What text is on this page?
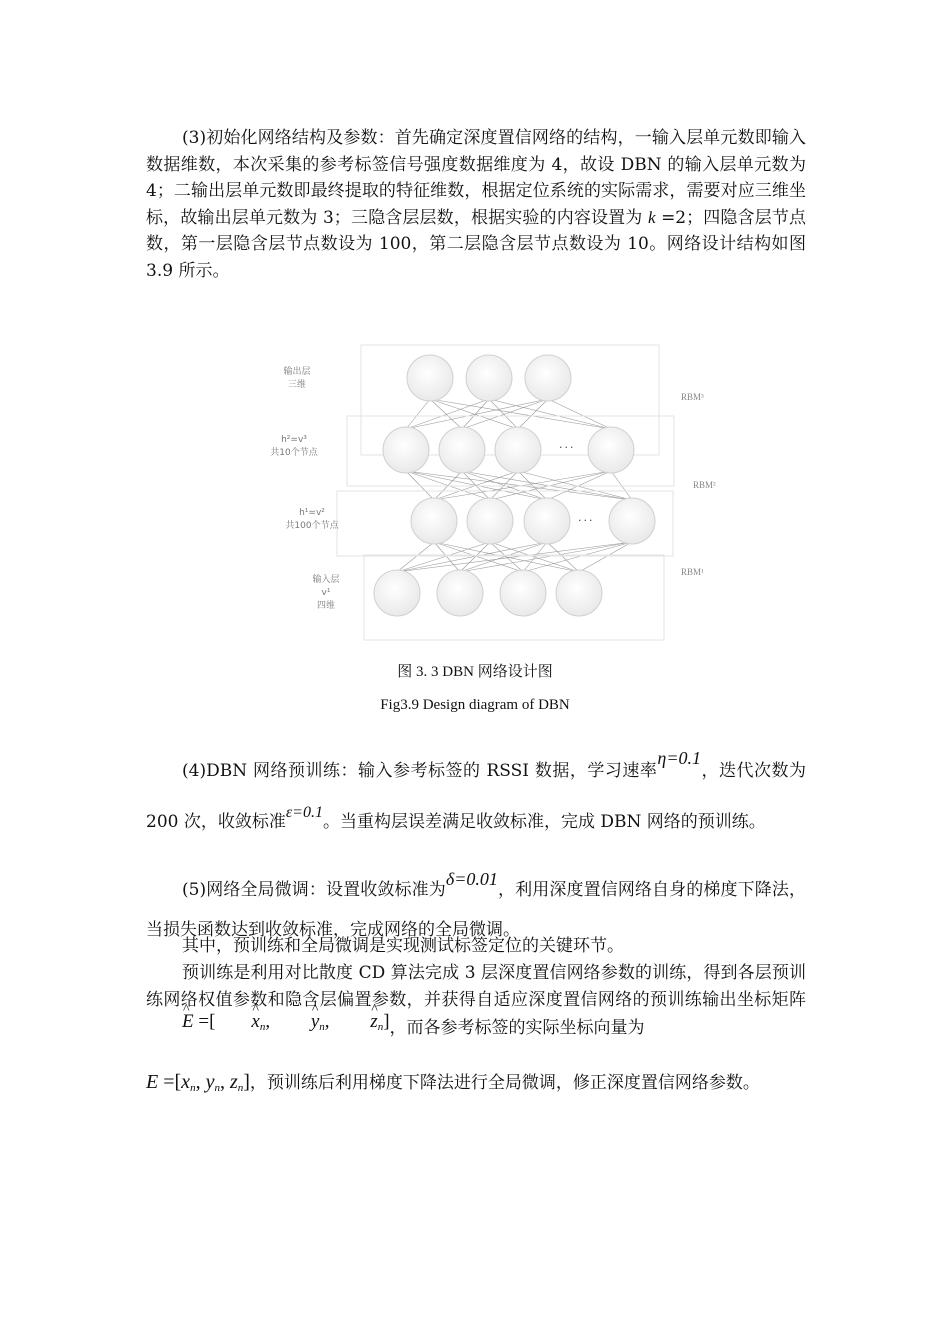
(3)初始化网络结构及参数：首先确定深度置信网络的结构，一输入层单元数即输入数据维数，本次采集的参考标签信号强度数据维度为 4，故设 DBN 的输入层单元数为 4；二输出层单元数即最终提取的特征维数，根据定位系统的实际需求，需要对应三维坐标，故输出层单元数为 3；三隐含层层数，根据实验的内容设置为 k =2；四隐含层节点数，第一层隐含层节点数设为 100，第二层隐含层节点数设为 10。网络设计结构如图 3.9 所示。
输出层
三维
h²=v³
共10个节点
h¹=v²
共100个节点
输入层
v¹
四维
RBM³
RBM²
RBM¹
···
···
图 3. 3 DBN 网络设计图
Fig3.9 Design diagram of DBN
(4)DBN 网络预训练：输入参考标签的 RSSI 数据，学习速率η=0.1，迭代次数为 200 次，收敛标准ε=0.1。当重构层误差满足收敛标准，完成 DBN 网络的预训练。
(5)网络全局微调：设置收敛标准为δ=0.01，利用深度置信网络自身的梯度下降法，当损失函数达到收敛标准，完成网络的全局微调。
其中，预训练和全局微调是实现测试标签定位的关键环节。
预训练是利用对比散度 CD 算法完成 3 层深度置信网络参数的训练，得到各层预训练网络权值参数和隐含层偏置参数，并获得自适应深度置信网络的预训练输出坐标矩阵 ^ E =[^ $x_n$, ^ $y_n$, ^ $z_n$]，而各参考标签的实际坐标向量为
$E =[x_n$, $y_n$, $z_n$]，预训练后利用梯度下降法进行全局微调，修正深度置信网络参数。
